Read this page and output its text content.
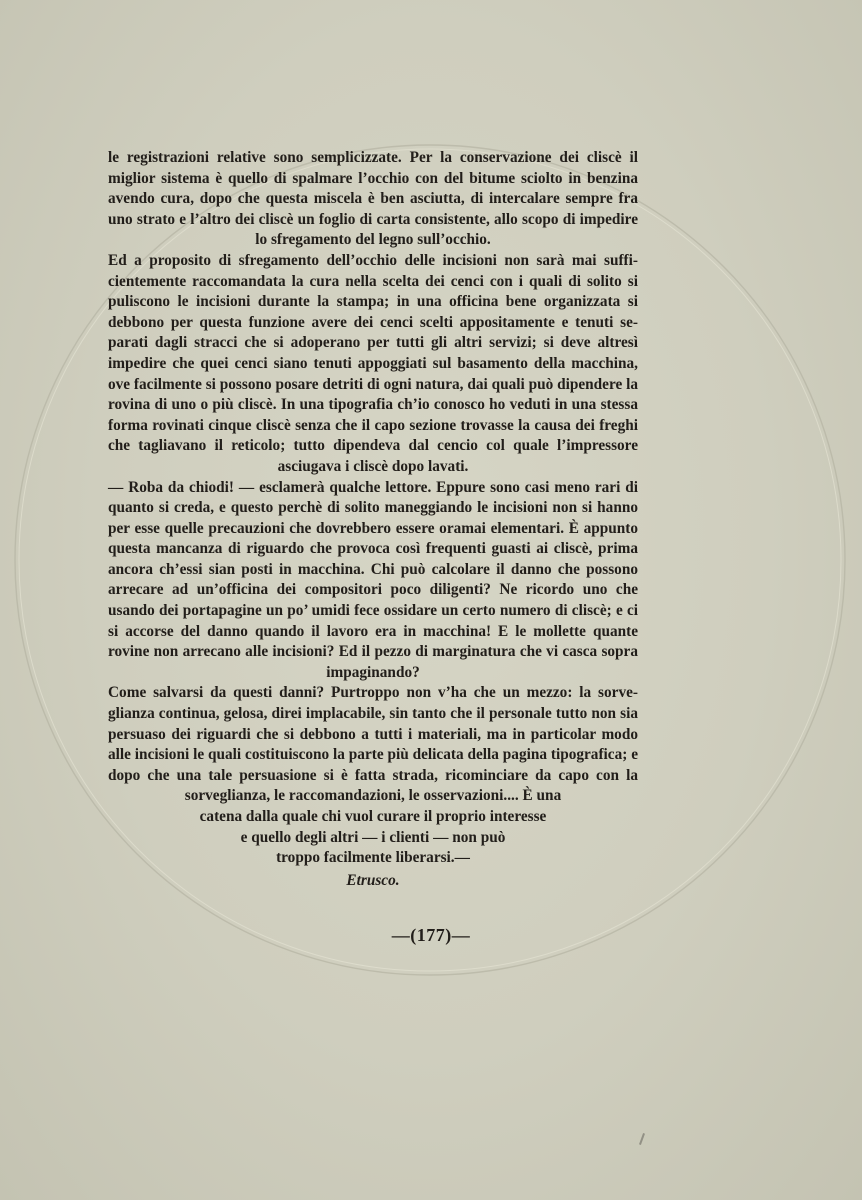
le registrazioni relative sono semplicizzate. Per la conservazione dei cliscè il miglior sistema è quello di spalmare l’occhio con del bitume sciolto in benzina avendo cura, dopo che questa miscela è ben asciutta, di intercalare sempre fra uno strato e l’altro dei cliscè un foglio di carta consistente, allo scopo di impedire lo sfregamento del legno sull’occhio.

Ed a proposito di sfregamento dell’occhio delle incisioni non sarà mai sufficientemente raccomandata la cura nella scelta dei cenci con i quali di solito si puliscono le incisioni durante la stampa; in una officina bene organizzata si debbono per questa funzione avere dei cenci scelti appositamente e tenuti separati dagli stracci che si adoperano per tutti gli altri servizi; si deve altresì impedire che quei cenci siano tenuti appoggiati sul basamento della macchina, ove facilmente si possono posare detriti di ogni natura, dai quali può dipendere la rovina di uno o più cliscè. In una tipografia ch’io conosco ho veduti in una stessa forma rovinati cinque cliscè senza che il capo sezione trovasse la causa dei freghi che tagliavano il reticolo; tutto dipendeva dal cencio col quale l’impressore asciugava i cliscè dopo lavati.

— Roba da chiodi! — esclamerà qualche lettore. Eppure sono casi meno rari di quanto si creda, e questo perchè di solito maneggiando le incisioni non si hanno per esse quelle precauzioni che dovrebbero essere oramai elementari. È appunto questa mancanza di riguardo che provoca così frequenti guasti ai cliscè, prima ancora ch’essi sian posti in macchina. Chi può calcolare il danno che possono arrecare ad un’officina dei compositori poco diligenti? Ne ricordo uno che usando dei portapagine un po’ umidi fece ossidare un certo numero di cliscè; e ci si accorse del danno quando il lavoro era in macchina! E le mollette quante rovine non arrecano alle incisioni? Ed il pezzo di marginatura che vi casca sopra impaginando?

Come salvarsi da questi danni? Purtroppo non v’ha che un mezzo: la sorveglianza continua, gelosa, direi implacabile, sin tanto che il personale tutto non sia persuaso dei riguardi che si debbono a tutti i materiali, ma in particolar modo alle incisioni le quali costituiscono la parte più delicata della pagina tipografica; e dopo che una tale persuasione si è fatta strada, ricominciare da capo con la sorveglianza, le raccomandazioni, le osservazioni.... È una

catena dalla quale chi vuol curare il proprio interesse

e quello degli altri — i clienti — non può

troppo facilmente liberarsi.—

Etrusco.

—(177)—
